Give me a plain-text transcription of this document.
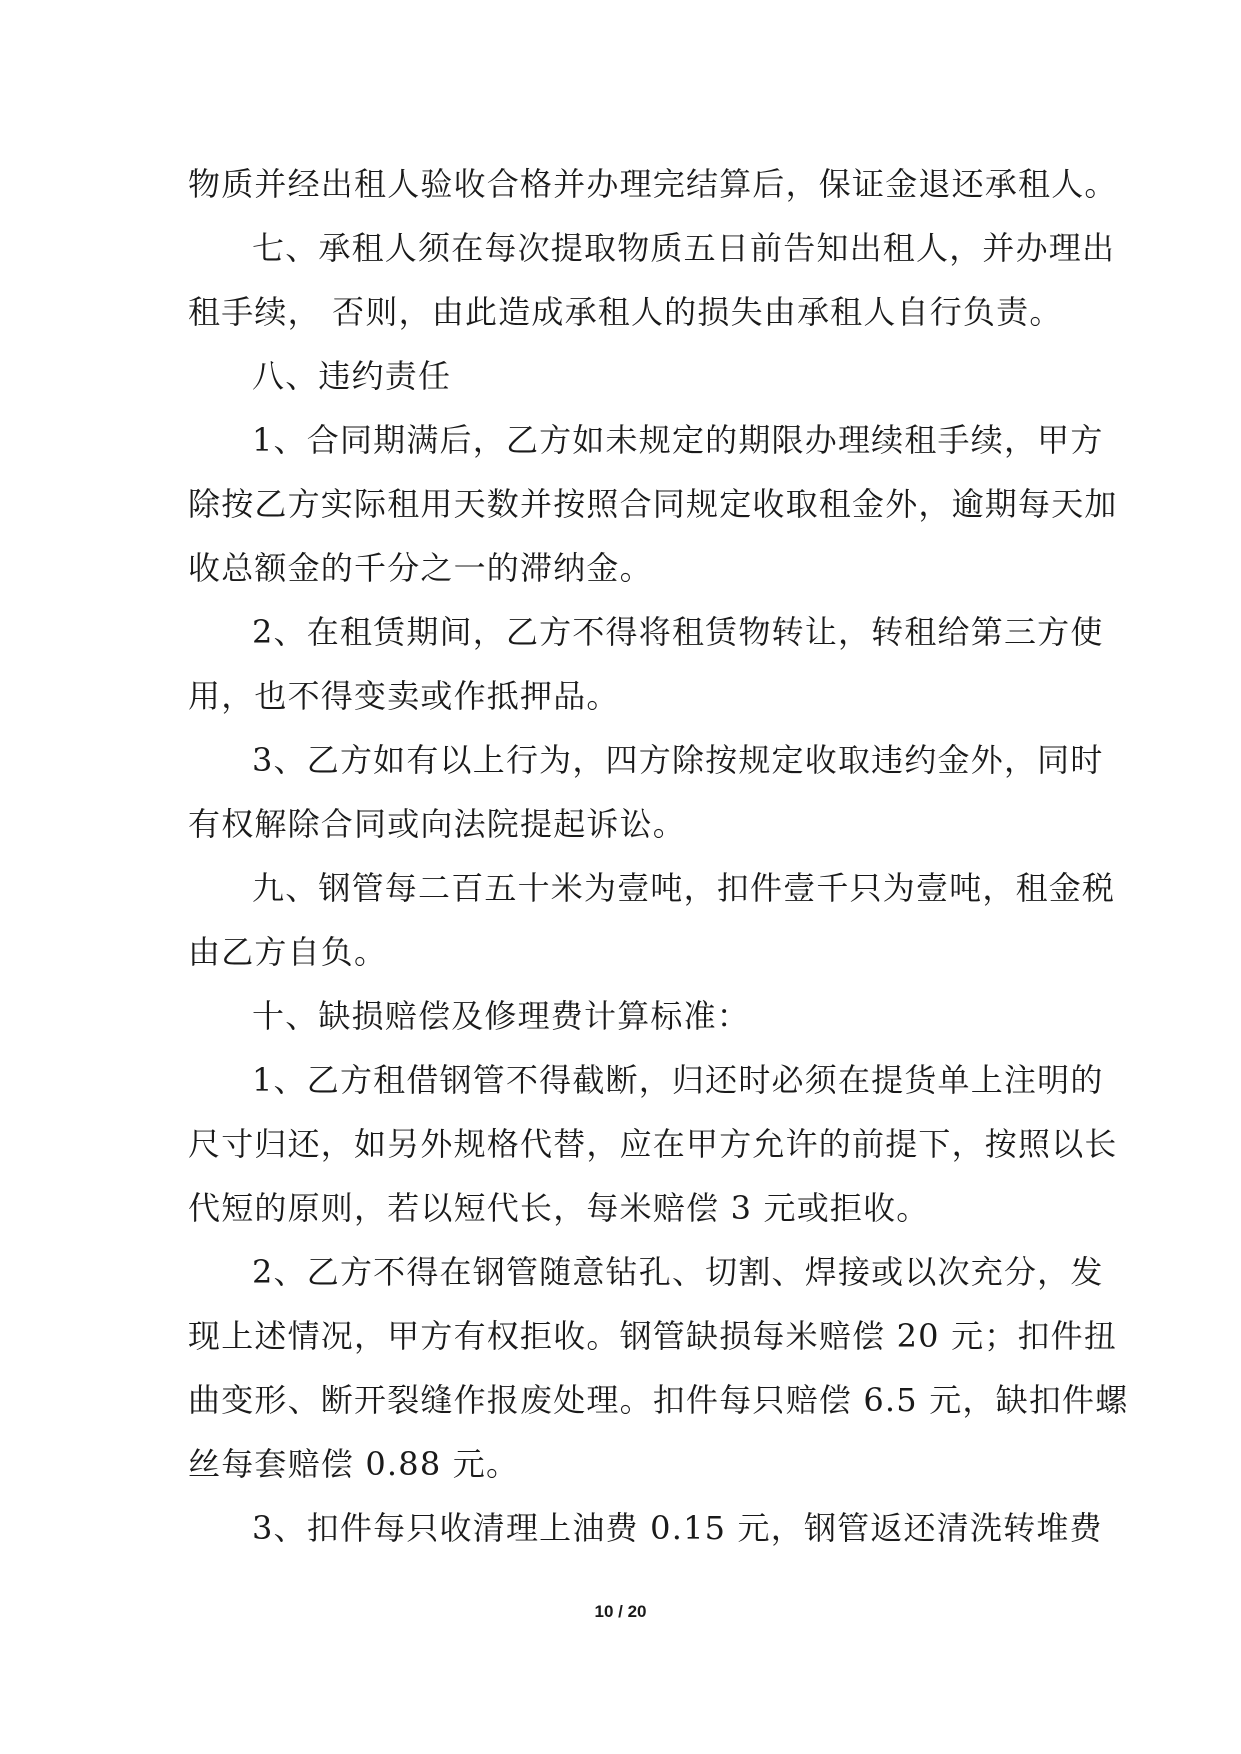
物质并经出租人验收合格并办理完结算后，保证金退还承租人。
七、承租人须在每次提取物质五日前告知出租人，并办理出
租手续， 否则，由此造成承租人的损失由承租人自行负责。
八、违约责任
1、合同期满后，乙方如未规定的期限办理续租手续，甲方
除按乙方实际租用天数并按照合同规定收取租金外，逾期每天加
收总额金的千分之一的滞纳金。
2、在租赁期间，乙方不得将租赁物转让，转租给第三方使
用，也不得变卖或作抵押品。
3、乙方如有以上行为，四方除按规定收取违约金外，同时
有权解除合同或向法院提起诉讼。
九、钢管每二百五十米为壹吨，扣件壹千只为壹吨，租金税
由乙方自负。
十、缺损赔偿及修理费计算标准：
1、乙方租借钢管不得截断，归还时必须在提货单上注明的
尺寸归还，如另外规格代替，应在甲方允许的前提下，按照以长
代短的原则，若以短代长，每米赔偿 3 元或拒收。
2、乙方不得在钢管随意钻孔、切割、焊接或以次充分，发
现上述情况，甲方有权拒收。钢管缺损每米赔偿 20 元；扣件扭
曲变形、断开裂缝作报废处理。扣件每只赔偿 6.5 元，缺扣件螺
丝每套赔偿 0.88 元。
3、扣件每只收清理上油费 0.15 元，钢管返还清洗转堆费
10 / 20
